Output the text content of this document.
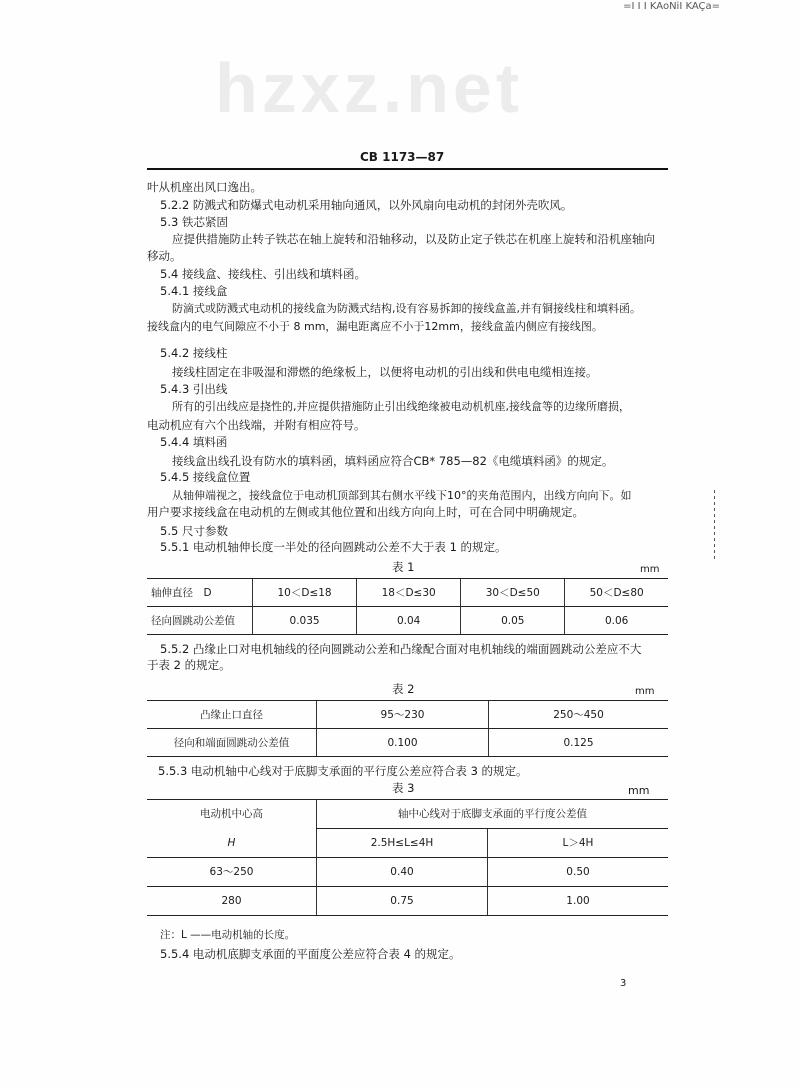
=I I I KAoNiI KAÇa=
hzxz.net
CB 1173—87
叶从机座出风口逸出。
5.2.2 防溅式和防爆式电动机采用轴向通风，以外风扇向电动机的封闭外壳吹风。
5.3 铁芯紧固
应提供措施防止转子铁芯在轴上旋转和沿轴移动，以及防止定子铁芯在机座上旋转和沿机座轴向
移动。
5.4 接线盒、接线柱、引出线和填料函。
5.4.1 接线盒
防滴式或防溅式电动机的接线盒为防溅式结构,设有容易拆卸的接线盒盖,并有铜接线柱和填料函。
接线盒内的电气间隙应不小于 8 mm，漏电距离应不小于12mm，接线盒盖内侧应有接线图。
5.4.2 接线柱
接线柱固定在非吸湿和滞燃的绝缘板上，以便将电动机的引出线和供电电缆相连接。
5.4.3 引出线
所有的引出线应是挠性的,并应提供措施防止引出线绝缘被电动机机座,接线盒等的边缘所磨损，
电动机应有六个出线端，并附有相应符号。
5.4.4 填料函
接线盒出线孔设有防水的填料函，填料函应符合CB* 785—82《电缆填料函》的规定。
5.4.5 接线盒位置
从轴伸端视之，接线盒位于电动机顶部到其右侧水平线下10°的夹角范围内，出线方向向下。如
用户要求接线盒在电动机的左侧或其他位置和出线方向向上时，可在合同中明确规定。
5.5 尺寸参数
5.5.1 电动机轴伸长度一半处的径向圆跳动公差不大于表 1 的规定。
表 1	mm
轴伸直径　D	10＜D≤18	18＜D≤30	30＜D≤50	50＜D≤80
径向圆跳动公差值	0.035	0.04	0.05	0.06
5.5.2 凸缘止口对电机轴线的径向圆跳动公差和凸缘配合面对电机轴线的端面圆跳动公差应不大
于表 2 的规定。
表 2	mm
凸缘止口直径	95～230	250～450
径向和端面圆跳动公差值	0.100	0.125
5.5.3 电动机轴中心线对于底脚支承面的平行度公差应符合表 3 的规定。
表 3	mm
电动机中心高	轴中心线对于底脚支承面的平行度公差值	
H	2.5H≤L≤4H	L＞4H
63～250	0.40	0.50
280	0.75	1.00
注：L ——电动机轴的长度。
5.5.4 电动机底脚支承面的平面度公差应符合表 4 的规定。
3
